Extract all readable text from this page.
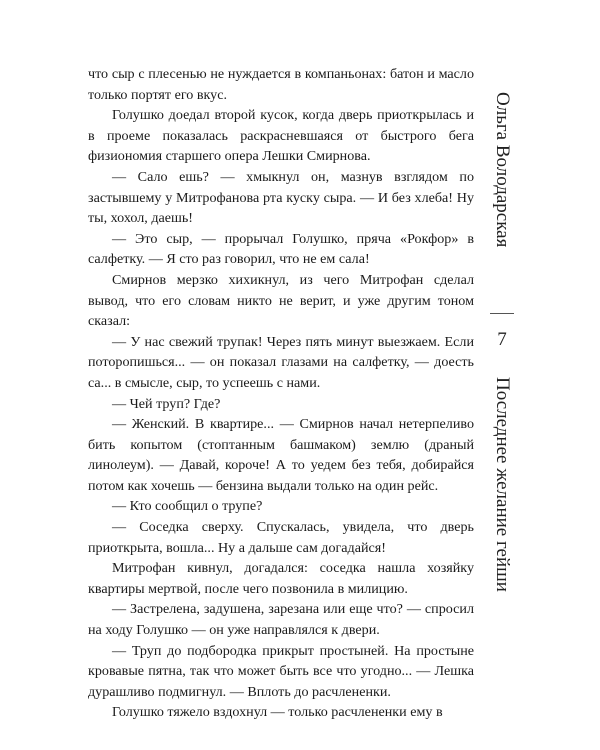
что сыр с плесенью не нуждается в компаньонах: батон и масло только портят его вкус.

Голушко доедал второй кусок, когда дверь приоткрылась и в проеме показалась раскрасневшаяся от быстрого бега физиономия старшего опера Лешки Смирнова.

— Сало ешь? — хмыкнул он, мазнув взглядом по застывшему у Митрофанова рта куску сыра. — И без хлеба! Ну ты, хохол, даешь!

— Это сыр, — прорычал Голушко, пряча «Рокфор» в салфетку. — Я сто раз говорил, что не ем сала!

Смирнов мерзко хихикнул, из чего Митрофан сделал вывод, что его словам никто не верит, и уже другим тоном сказал:

— У нас свежий трупак! Через пять минут выезжаем. Если поторопишься... — он показал глазами на салфетку, — доесть са... в смысле, сыр, то успеешь с нами.

— Чей труп? Где?

— Женский. В квартире... — Смирнов начал нетерпеливо бить копытом (стоптанным башмаком) землю (драный линолеум). — Давай, короче! А то уедем без тебя, добирайся потом как хочешь — бензина выдали только на один рейс.

— Кто сообщил о трупе?

— Соседка сверху. Спускалась, увидела, что дверь приоткрыта, вошла... Ну а дальше сам догадайся!

Митрофан кивнул, догадался: соседка нашла хозяйку квартиры мертвой, после чего позвонила в милицию.

— Застрелена, задушена, зарезана или еще что? — спросил на ходу Голушко — он уже направлялся к двери.

— Труп до подбородка прикрыт простыней. На простыне кровавые пятна, так что может быть все что угодно... — Лешка дурашливо подмигнул. — Вплоть до расчлененки.

Голушко тяжело вздохнул — только расчлененки ему в

Ольга Володарская
7
Последнее желание гейши
